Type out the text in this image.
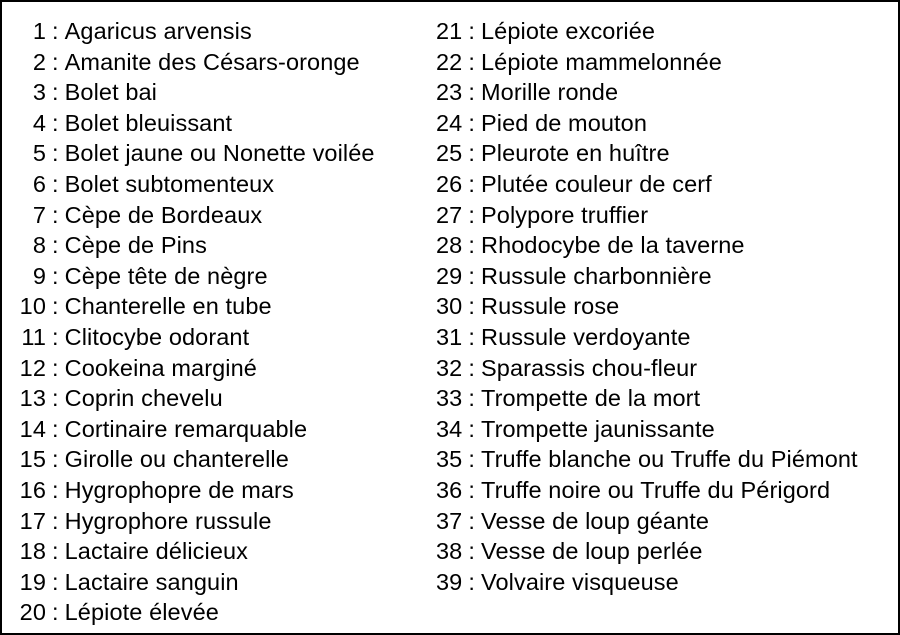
1 : Agaricus arvensis
2 : Amanite des Césars-oronge
3 : Bolet bai
4 : Bolet bleuissant
5 : Bolet jaune ou Nonette voilée
6 : Bolet subtomenteux
7 : Cèpe de Bordeaux
8 : Cèpe de Pins
9 : Cèpe tête de nègre
10 : Chanterelle en tube
11 : Clitocybe odorant
12 : Cookeina marginé
13 : Coprin chevelu
14 : Cortinaire remarquable
15 : Girolle ou chanterelle
16 : Hygrophopre de mars
17 : Hygrophore russule
18 : Lactaire délicieux
19 : Lactaire sanguin
20 : Lépiote élevée
21 : Lépiote excoriée
22 : Lépiote mammelonnée
23 : Morille ronde
24 : Pied de mouton
25 : Pleurote en huître
26 : Plutée couleur de cerf
27 : Polypore truffier
28 : Rhodocybe de la taverne
29 : Russule charbonnière
30 : Russule rose
31 : Russule verdoyante
32 : Sparassis chou-fleur
33 : Trompette de la mort
34 : Trompette jaunissante
35 : Truffe blanche ou Truffe du Piémont
36 : Truffe noire ou Truffe du Périgord
37 : Vesse de loup géante
38 : Vesse de loup perlée
39 : Volvaire visqueuse
